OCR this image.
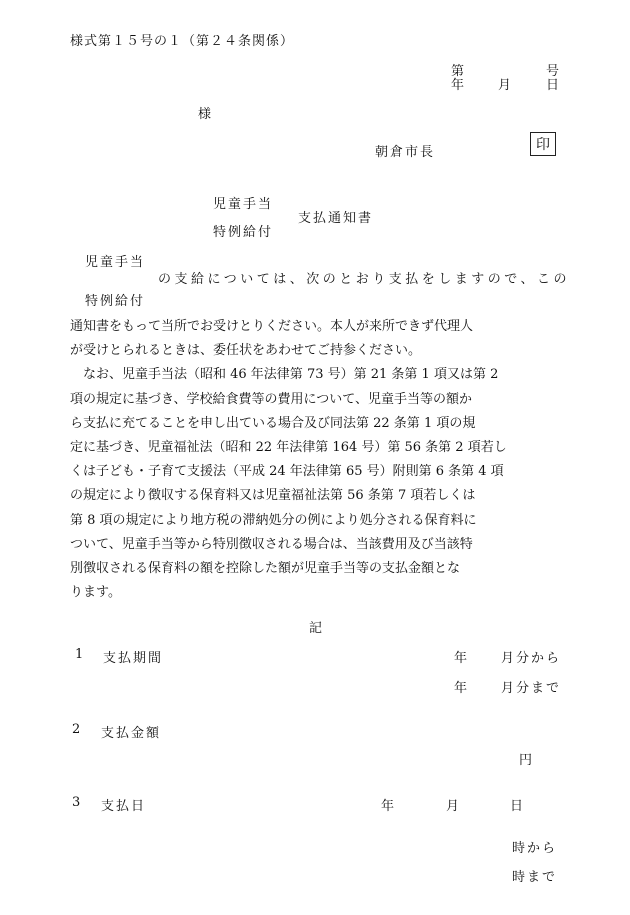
様式第１５号の１（第２４条関係）
第	号
年	月	日
様
朝倉市長	印
児童手当
支払通知書
特例給付
児童手当
の支給については、次のとおり支払をしますので、この
特例給付
通知書をもって当所でお受けとりください。本人が来所できず代理人
が受けとられるときは、委任状をあわせてご持参ください。
　なお、児童手当法（昭和 46 年法律第 73 号）第 21 条第 1 項又は第 2
項の規定に基づき、学校給食費等の費用について、児童手当等の額か
ら支払に充てることを申し出ている場合及び同法第 22 条第 1 項の規
定に基づき、児童福祉法（昭和 22 年法律第 164 号）第 56 条第 2 項若し
くは子ども・子育て支援法（平成 24 年法律第 65 号）附則第 6 条第 4 項
の規定により徴収する保育料又は児童福祉法第 56 条第 7 項若しくは
第 8 項の規定により地方税の滞納処分の例により処分される保育料に
ついて、児童手当等から特別徴収される場合は、当該費用及び当該特
別徴収される保育料の額を控除した額が児童手当等の支払金額とな
ります。
記
1 支払期間	年	月分から
年	月分まで
2 支払金額
円
3 支払日	年	月	日
時から
時まで
